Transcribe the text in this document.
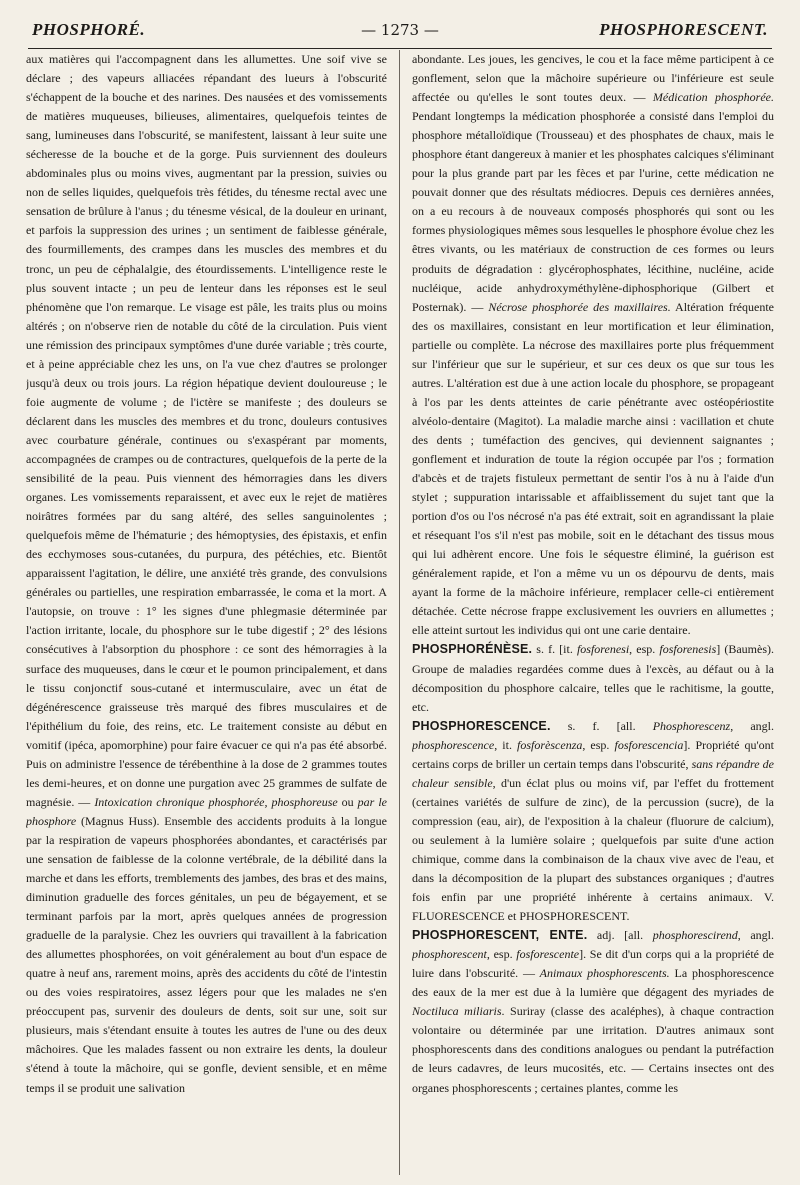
PHOSPHORÉ.	— 1273 —	PHOSPHORESCENT.

aux matières qui l'accompagnent dans les allumettes. Une soif vive se déclare ; des vapeurs alliacées répandant des lueurs à l'obscurité s'échappent de la bouche et des narines. Des nausées et des vomissements de matières muqueuses, bilieuses, alimentaires, quelquefois teintes de sang, lumineuses dans l'obscurité, se manifestent, laissant à leur suite une sécheresse de la bouche et de la gorge. Puis surviennent des douleurs abdominales plus ou moins vives, augmentant par la pression, suivies ou non de selles liquides, quelquefois très fétides, du ténesme rectal avec une sensation de brûlure à l'anus ; du ténesme vésical, de la douleur en urinant, et parfois la suppression des urines ; un sentiment de faiblesse générale, des fourmillements, des crampes dans les muscles des membres et du tronc, un peu de céphalalgie, des étourdissements. L'intelligence reste le plus souvent intacte ; un peu de lenteur dans les réponses est le seul phénomène que l'on remarque. Le visage est pâle, les traits plus ou moins altérés ; on n'observe rien de notable du côté de la circulation. Puis vient une rémission des principaux symptômes d'une durée variable ; très courte, et à peine appréciable chez les uns, on l'a vue chez d'autres se prolonger jusqu'à deux ou trois jours. La région hépatique devient douloureuse ; le foie augmente de volume ; de l'ictère se manifeste ; des douleurs se déclarent dans les muscles des membres et du tronc, douleurs contusives avec courbature générale, continues ou s'exaspérant par moments, accompagnées de crampes ou de contractures, quelquefois de la perte de la sensibilité de la peau. Puis viennent des hémorragies dans les divers organes. Les vomissements reparaissent, et avec eux le rejet de matières noirâtres formées par du sang altéré, des selles sanguinolentes ; quelquefois même de l'hématurie ; des hémoptysies, des épistaxis, et enfin des ecchymoses sous-cutanées, du purpura, des pétéchies, etc. Bientôt apparaissent l'agitation, le délire, une anxiété très grande, des convulsions générales ou partielles, une respiration embarrassée, le coma et la mort. A l'autopsie, on trouve : 1° les signes d'une phlegmasie déterminée par l'action irritante, locale, du phosphore sur le tube digestif ; 2° des lésions consécutives à l'absorption du phosphore : ce sont des hémorragies à la surface des muqueuses, dans le cœur et le poumon principalement, et dans le tissu conjonctif sous-cutané et intermusculaire, avec un état de dégénérescence graisseuse très marqué des fibres musculaires et de l'épithélium du foie, des reins, etc. Le traitement consiste au début en vomitif (ipéca, apomorphine) pour faire évacuer ce qui n'a pas été absorbé. Puis on administre l'essence de térébenthine à la dose de 2 grammes toutes les demi-heures, et on donne une purgation avec 25 grammes de sulfate de magnésie. — Intoxication chronique phosphorée, phosphoreuse ou par le phosphore (Magnus Huss). Ensemble des accidents produits à la longue par la respiration de vapeurs phosphorées abondantes, et caractérisés par une sensation de faiblesse de la colonne vertébrale, de la débilité dans la marche et dans les efforts, tremblements des jambes, des bras et des mains, diminution graduelle des forces génitales, un peu de bégayement, et se terminant parfois par la mort, après quelques années de progression graduelle de la paralysie. Chez les ouvriers qui travaillent à la fabrication des allumettes phosphorées, on voit généralement au bout d'un espace de quatre à neuf ans, rarement moins, après des accidents du côté de l'intestin ou des voies respiratoires, assez légers pour que les malades ne s'en préoccupent pas, survenir des douleurs de dents, soit sur une, soit sur plusieurs, mais s'étendant ensuite à toutes les autres de l'une ou des deux mâchoires. Que les malades fassent ou non extraire les dents, la douleur s'étend à toute la mâchoire, qui se gonfle, devient sensible, et en même temps il se produit une salivation

abondante. Les joues, les gencives, le cou et la face même participent à ce gonflement, selon que la mâchoire supérieure ou l'inférieure est seule affectée ou qu'elles le sont toutes deux. — Médication phosphorée. Pendant longtemps la médication phosphorée a consisté dans l'emploi du phosphore métalloïdique (Trousseau) et des phosphates de chaux, mais le phosphore étant dangereux à manier et les phosphates calciques s'éliminant pour la plus grande part par les fèces et par l'urine, cette médication ne pouvait donner que des résultats médiocres. Depuis ces dernières années, on a eu recours à de nouveaux composés phosphorés qui sont ou les formes physiologiques mêmes sous lesquelles le phosphore évolue chez les êtres vivants, ou les matériaux de construction de ces formes ou leurs produits de dégradation : glycérophosphates, lécithine, nucléine, acide nucléique, acide anhydroxyméthylène-diphosphorique (Gilbert et Posternak). — Nécrose phosphorée des maxillaires. Altération fréquente des os maxillaires, consistant en leur mortification et leur élimination, partielle ou complète. La nécrose des maxillaires porte plus fréquemment sur l'inférieur que sur le supérieur, et sur ces deux os que sur tous les autres. L'altération est due à une action locale du phosphore, se propageant à l'os par les dents atteintes de carie pénétrante avec ostéopériostite alvéolo-dentaire (Magitot). La maladie marche ainsi : vacillation et chute des dents ; tuméfaction des gencives, qui deviennent saignantes ; gonflement et induration de toute la région occupée par l'os ; formation d'abcès et de trajets fistuleux permettant de sentir l'os à nu à l'aide d'un stylet ; suppuration intarissable et affaiblissement du sujet tant que la portion d'os ou l'os nécrosé n'a pas été extrait, soit en agrandissant la plaie et résequant l'os s'il n'est pas mobile, soit en le détachant des tissus mous qui lui adhèrent encore. Une fois le séquestre éliminé, la guérison est généralement rapide, et l'on a même vu un os dépourvu de dents, mais ayant la forme de la mâchoire inférieure, remplacer celle-ci entièrement détachée. Cette nécrose frappe exclusivement les ouvriers en allumettes ; elle atteint surtout les individus qui ont une carie dentaire.

PHOSPHORÉNÈSE. s. f. [it. fosforenesi, esp. fosforenesis] (Baumès). Groupe de maladies regardées comme dues à l'excès, au défaut ou à la décomposition du phosphore calcaire, telles que le rachitisme, la goutte, etc.

PHOSPHORESCENCE. s. f. [all. Phosphorescenz, angl. phosphorescence, it. fosforèscenza, esp. fosforescencia]. Propriété qu'ont certains corps de briller un certain temps dans l'obscurité, sans répandre de chaleur sensible, d'un éclat plus ou moins vif, par l'effet du frottement (certaines variétés de sulfure de zinc), de la percussion (sucre), de la compression (eau, air), de l'exposition à la chaleur (fluorure de calcium), ou seulement à la lumière solaire ; quelquefois par suite d'une action chimique, comme dans la combinaison de la chaux vive avec de l'eau, et dans la décomposition de la plupart des substances organiques ; d'autres fois enfin par une propriété inhérente à certains animaux. V. FLUORESCENCE et PHOSPHORESCENT.

PHOSPHORESCENT, ENTE. adj. [all. phosphorescirend, angl. phosphorescent, esp. fosforescente]. Se dit d'un corps qui a la propriété de luire dans l'obscurité. — Animaux phosphorescents. La phosphorescence des eaux de la mer est due à la lumière que dégagent des myriades de Noctiluca miliaris. Suriray (classe des acaléphes), à chaque contraction volontaire ou déterminée par une irritation. D'autres animaux sont phosphorescents dans des conditions analogues ou pendant la putréfaction de leurs cadavres, de leurs mucosités, etc. — Certains insectes ont des organes phosphorescents ; certaines plantes, comme les
